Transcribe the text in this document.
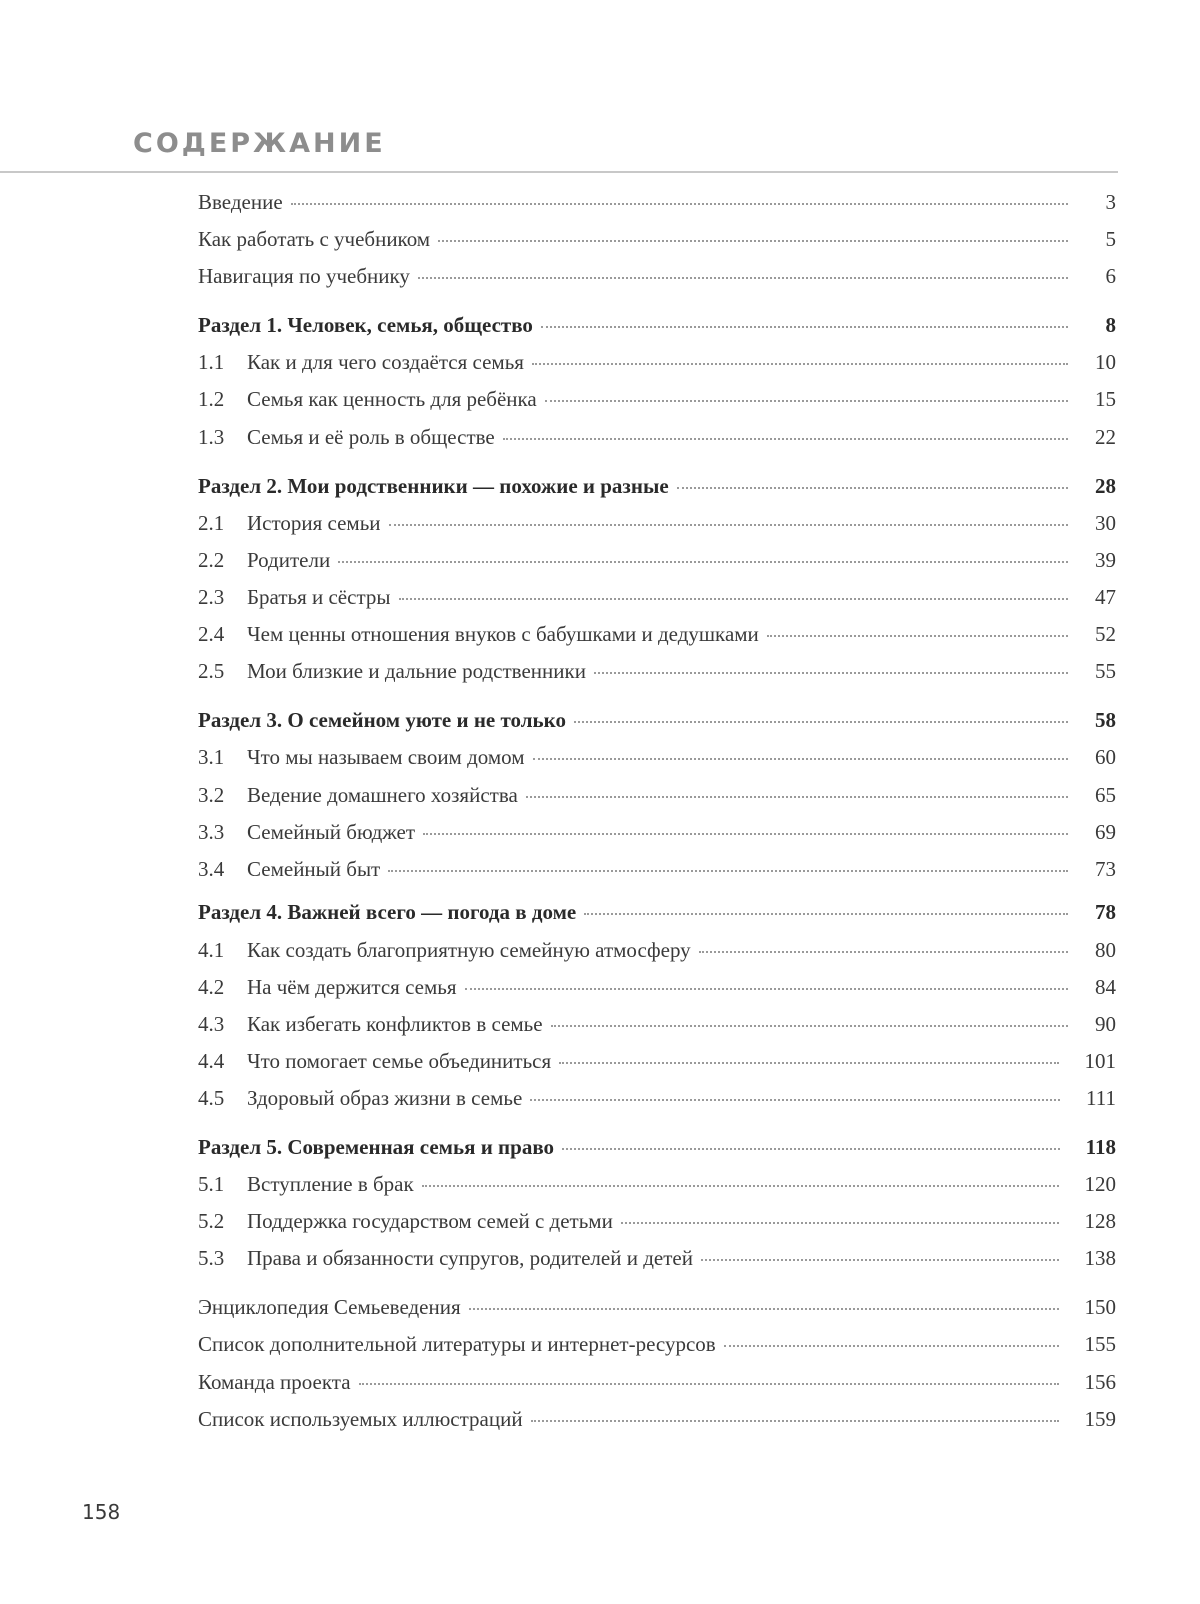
СОДЕРЖАНИЕ
Введение	3
Как работать с учебником	5
Навигация по учебнику	6
Раздел 1. Человек, семья, общество	8
1.1	Как и для чего создаётся семья	10
1.2	Семья как ценность для ребёнка	15
1.3	Семья и её роль в обществе	22
Раздел 2. Мои родственники — похожие и разные	28
2.1	История семьи	30
2.2	Родители	39
2.3	Братья и сёстры	47
2.4	Чем ценны отношения внуков с бабушками и дедушками	52
2.5	Мои близкие и дальние родственники	55
Раздел 3. О семейном уюте и не только	58
3.1	Что мы называем своим домом	60
3.2	Ведение домашнего хозяйства	65
3.3	Семейный бюджет	69
3.4	Семейный быт	73
Раздел 4. Важней всего — погода в доме	78
4.1	Как создать благоприятную семейную атмосферу	80
4.2	На чём держится семья	84
4.3	Как избегать конфликтов в семье	90
4.4	Что помогает семье объединиться	101
4.5	Здоровый образ жизни в семье	111
Раздел 5. Современная семья и право	118
5.1	Вступление в брак	120
5.2	Поддержка государством семей с детьми	128
5.3	Права и обязанности супругов, родителей и детей	138
Энциклопедия Семьеведения	150
Список дополнительной литературы и интернет-ресурсов	155
Команда проекта	156
Список используемых иллюстраций	159
158
